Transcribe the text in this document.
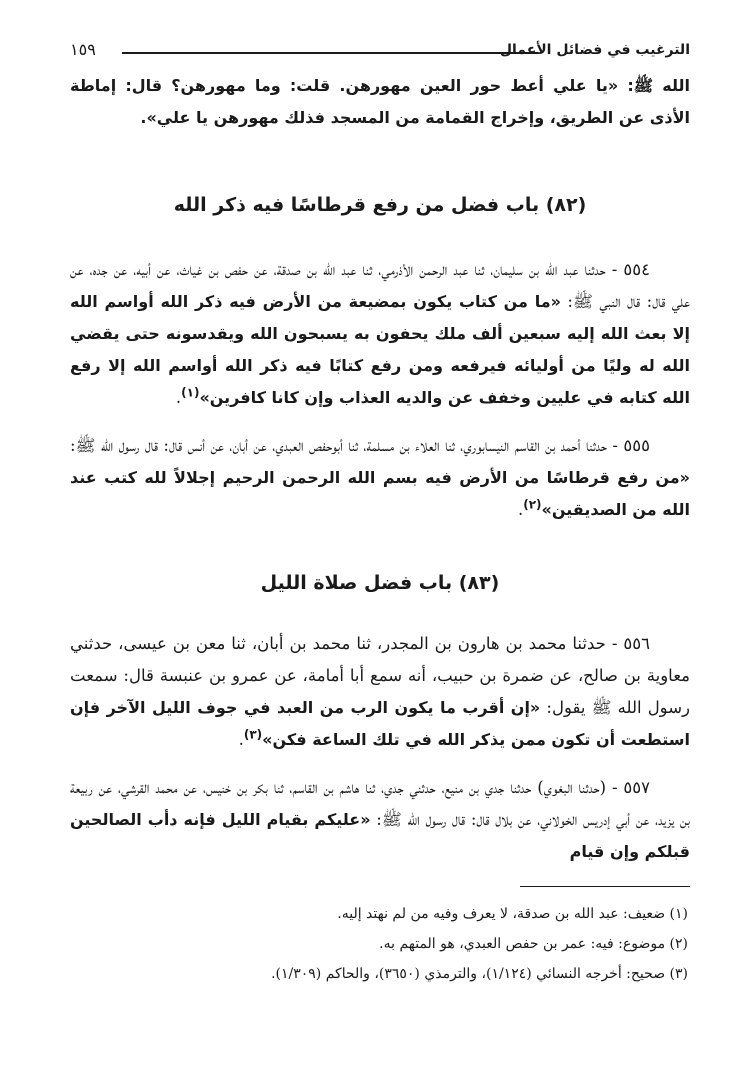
الترغيب في فضائل الأعمال
١٥٩

الله ﷺ: «يا علي أعط حور العين مهورهن. قلت: وما مهورهن؟ قال: إماطة الأذى عن الطريق، وإخراج القمامة من المسجد فذلك مهورهن يا علي».

(٨٢) باب فضل من رفع قرطاسًا فيه ذكر الله

٥٥٤ - حدثنا عبد الله بن سليمان، ثنا عبد الرحمن الأذرمي، ثنا عبد الله بن صدقة، عن حفص بن غياث، عن أبيه، عن جده، عن علي قال: قال النبي ﷺ: «ما من كتاب يكون بمضيعة من الأرض فيه ذكر الله أواسم الله إلا بعث الله إليه سبعين ألف ملك يحفون به يسبحون الله ويقدسونه حتى يقضي الله له وليًا من أوليائه فيرفعه ومن رفع كتابًا فيه ذكر الله أواسم الله إلا رفع الله كتابه في عليين وخفف عن والديه العذاب وإن كانا كافرين»$^{(١)}$.

٥٥٥ - حدثنا أحمد بن القاسم النيسابوري، ثنا العلاء بن مسلمة، ثنا أبوحفص العبدي، عن أبان، عن أنس قال: قال رسول الله ﷺ: «من رفع قرطاسًا من الأرض فيه بسم الله الرحمن الرحيم إجلالاً لله كتب عند الله من الصديقين»$^{(٢)}$.

(٨٣) باب فضل صلاة الليل

٥٥٦ - حدثنا محمد بن هارون بن المجدر، ثنا محمد بن أبان، ثنا معن بن عيسى، حدثني معاوية بن صالح، عن ضمرة بن حبيب، أنه سمع أبا أمامة، عن عمرو بن عنبسة قال: سمعت رسول الله ﷺ يقول: «إن أقرب ما يكون الرب من العبد في جوف الليل الآخر فإن استطعت أن تكون ممن يذكر الله في تلك الساعة فكن»$^{(٣)}$.

٥٥٧ - (حدثنا البغوي) حدثنا جدي بن منيع، حدثني جدي، ثنا هاشم بن القاسم، ثنا بكر بن خنيس، عن محمد القرشي، عن ربيعة بن يزيد، عن أبي إدريس الخولاني، عن بلال قال: قال رسول الله ﷺ: «عليكم بقيام الليل فإنه دأب الصالحين قبلكم وإن قيام

(١) ضعيف: عبد الله بن صدقة، لا يعرف وفيه من لم نهتد إليه.

(٢) موضوع: فيه: عمر بن حفص العبدي، هو المتهم به.

(٣) صحيح: أخرجه النسائي (١/١٢٤)، والترمذي (٣٦٥٠)، والحاكم (١/٣٠٩).
